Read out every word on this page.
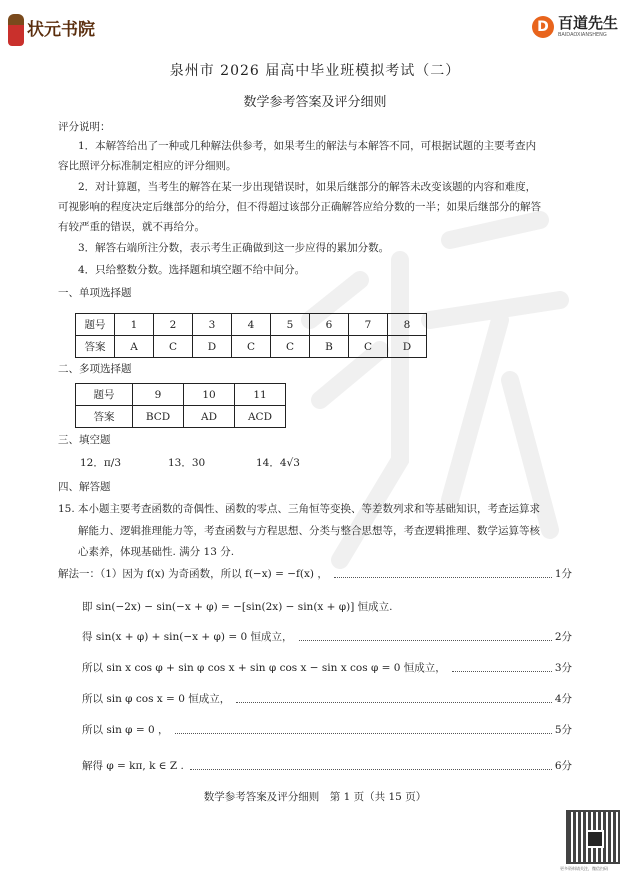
状元书院	D 百道先生
BAIDAOXIANSHENG
泉州市 2026 届高中毕业班模拟考试（二）
数学参考答案及评分细则
评分说明：
1．本解答给出了一种或几种解法供参考，如果考生的解法与本解答不同，可根据试题的主要考查内
容比照评分标准制定相应的评分细则。
2．对计算题，当考生的解答在某一步出现错误时，如果后继部分的解答未改变该题的内容和难度，
可视影响的程度决定后继部分的给分，但不得超过该部分正确解答应给分数的一半；如果后继部分的解答
有较严重的错误，就不再给分。
3．解答右端所注分数，表示考生正确做到这一步应得的累加分数。
4．只给整数分数。选择题和填空题不给中间分。
一、单项选择题
题号	1	2	3	4	5	6	7	8
答案	A	C	D	C	C	B	C	D
二、多项选择题
题号	9	10	11
答案	BCD	AD	ACD
三、填空题
12．π/3	13．30	14．4√3
四、解答题
15. 本小题主要考查函数的奇偶性、函数的零点、三角恒等变换、等差数列求和等基础知识，考查运算求
解能力、逻辑推理能力等，考查函数与方程思想、分类与整合思想等，考查逻辑推理、数学运算等核
心素养，体现基础性. 满分 13 分.
解法一：（1）因为 f(x) 为奇函数，所以 f(−x) = −f(x) ，	1分
即 sin(−2x) − sin(−x + φ) = −[sin(2x) − sin(x + φ)] 恒成立.
得 sin(x + φ) + sin(−x + φ) = 0 恒成立，	2分
所以 sin x cos φ + sin φ cos x + sin φ cos x − sin x cos φ = 0 恒成立，	3分
所以 sin φ cos x = 0 恒成立，	4分
所以 sin φ = 0 ，	5分
解得 φ = kπ, k ∈ Z .	6分
数学参考答案及评分细则　第 1 页（共 15 页）
更多资料请关注，微信扫码
